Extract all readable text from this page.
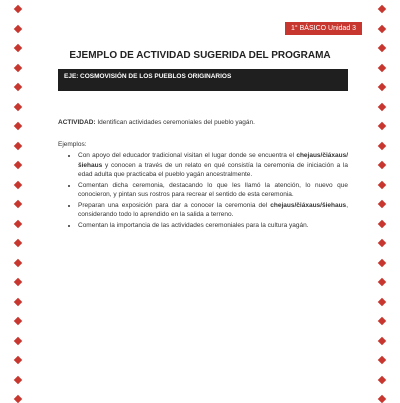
1° BÁSICO Unidad 3
EJEMPLO DE ACTIVIDAD SUGERIDA DEL PROGRAMA
EJE: COSMOVISIÓN DE LOS PUEBLOS ORIGINARIOS

ACTIVIDAD: Identifican actividades ceremoniales del pueblo yagán.

Ejemplos:

• Con apoyo del educador tradicional visitan el lugar donde se encuentra el chejaus/čiáxaus/šiehaus y conocen a través de un relato en qué consistía la ceremonia de iniciación a la edad adulta que practicaba el pueblo yagán ancestralmente.
• Comentan dicha ceremonia, destacando lo que les llamó la atención, lo nuevo que conocieron, y pintan sus rostros para recrear el sentido de esta ceremonia.
• Preparan una exposición para dar a conocer la ceremonia del chejaus/čiáxaus/šiehaus, considerando todo lo aprendido en la salida a terreno.
• Comentan la importancia de las actividades ceremoniales para la cultura yagán.
